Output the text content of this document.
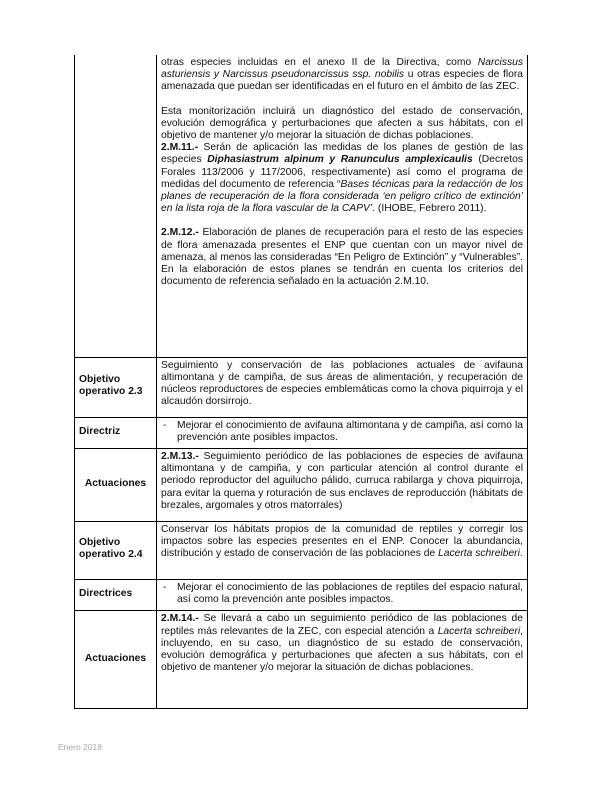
	otras especies incluidas en el anexo II de la Directiva, como Narcissus asturiensis y Narcissus pseudonarcissus ssp. nobilis u otras especies de flora amenazada que puedan ser identificadas en el futuro en el ámbito de las ZEC.

Esta monitorización incluirá un diagnóstico del estado de conservación, evolución demográfica y perturbaciones que afecten a sus hábitats, con el objetivo de mantener y/o mejorar la situación de dichas poblaciones.

2.M.11.- Serán de aplicación las medidas de los planes de gestión de las especies Diphasiastrum alpinum y Ranunculus amplexicaulis (Decretos Forales 113/2006 y 117/2006, respectivamente) así como el programa de medidas del documento de referencia “Bases técnicas para la redacción de los planes de recuperación de la flora considerada ‘en peligro crítico de extinción’ en la lista roja de la flora vascular de la CAPV’. (IHOBE, Febrero 2011).

2.M.12.- Elaboración de planes de recuperación para el resto de las especies de flora amenazada presentes el ENP que cuentan con un mayor nivel de amenaza, al menos las consideradas “En Peligro de Extinción” y “Vulnerables”. En la elaboración de estos planes se tendrán en cuenta los criterios del documento de referencia señalado en la actuación 2.M.10.

Objetivo operativo 2.3	Seguimiento y conservación de las poblaciones actuales de avifauna altimontana y de campiña, de sus áreas de alimentación, y recuperación de núcleos reproductores de especies emblemáticas como la chova piquirroja y el alcaudón dorsirrojo.
Directriz	- Mejorar el conocimiento de avifauna altimontana y de campiña, así como la prevención ante posibles impactos.

Actuaciones	2.M.13.- Seguimiento periódico de las poblaciones de especies de avifauna altimontana y de campiña, y con particular atención al control durante el periodo reproductor del aguilucho pálido, curruca rabilarga y chova piquirroja, para evitar la quema y roturación de sus enclaves de reproducción (hábitats de brezales, argomales y otros matorrales)
Objetivo operativo 2.4	Conservar los hábitats propios de la comunidad de reptiles y corregir los impactos sobre las especies presentes en el ENP. Conocer la abundancia, distribución y estado de conservación de las poblaciones de Lacerta schreiberi.
Directrices	- Mejorar el conocimiento de las poblaciones de reptiles del espacio natural, así como la prevención ante posibles impactos.

Actuaciones	2.M.14.- Se llevará a cabo un seguimiento periódico de las poblaciones de reptiles más relevantes de la ZEC, con especial atención a Lacerta schreiberi, incluyendo, en su caso, un diagnóstico de su estado de conservación, evolución demográfica y perturbaciones que afecten a sus hábitats, con el objetivo de mantener y/o mejorar la situación de dichas poblaciones.
Enero 2018
